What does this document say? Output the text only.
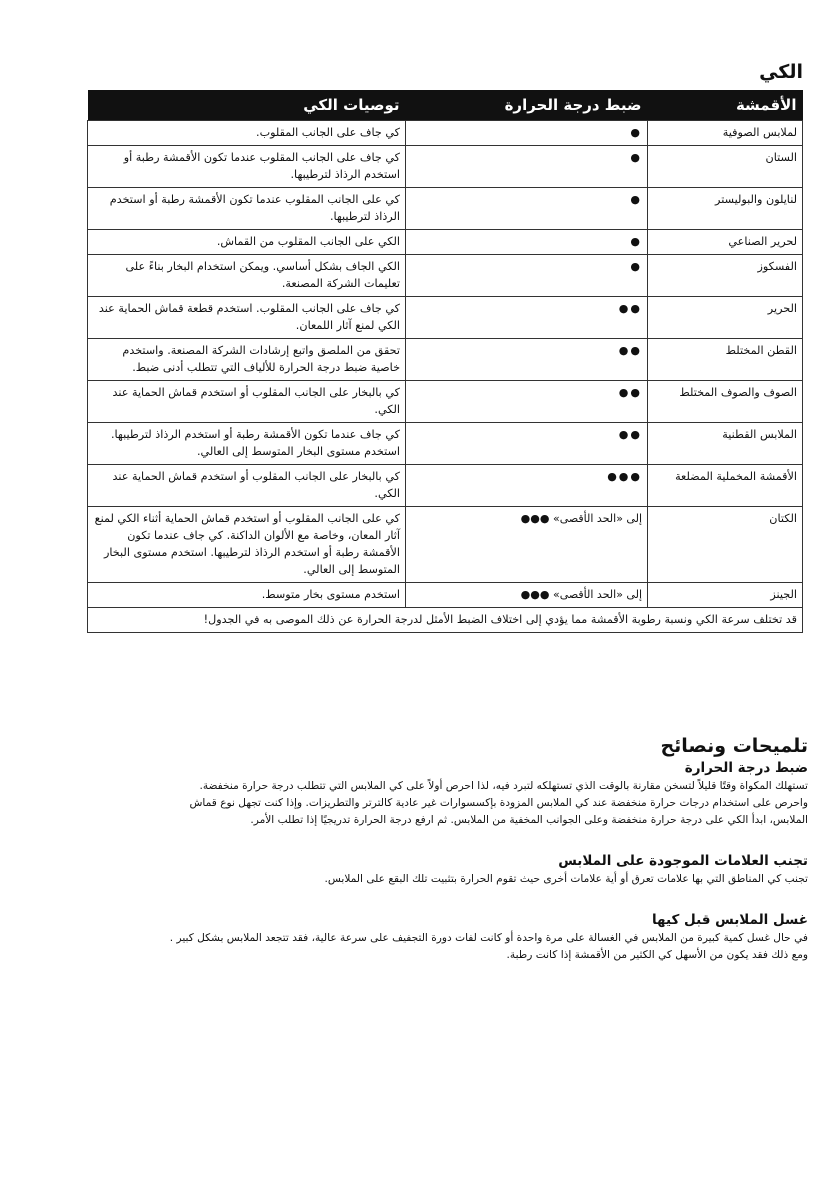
الكي
الأقمشة	ضبط درجة الحرارة	توصيات الكي
لملابس الصوفية	●	كي جاف على الجانب المقلوب.
الستان	●	كي جاف على الجانب المقلوب عندما تكون الأقمشة رطبة أو استخدم الرذاذ لترطيبها.
لنايلون والبوليستر	●	كي على الجانب المقلوب عندما تكون الأقمشة رطبة أو استخدم الرذاذ لترطيبها.
لحرير الصناعي	●	الكي على الجانب المقلوب من القماش.
الفسكوز	●	الكي الجاف بشكل أساسي. ويمكن استخدام البخار بناءً على تعليمات الشركة المصنعة.
الحرير	●●	كي جاف على الجانب المقلوب. استخدم قطعة قماش الحماية عند الكي لمنع آثار اللمعان.
القطن المختلط	●●	تحقق من الملصق واتبع إرشادات الشركة المصنعة. واستخدم خاصية ضبط درجة الحرارة للألياف التي تتطلب أدنى ضبط.
الصوف والصوف المختلط	●●	كي بالبخار على الجانب المقلوب أو استخدم قماش الحماية عند الكي.
الملابس القطنية	●●	كي جاف عندما تكون الأقمشة رطبة أو استخدم الرذاذ لترطيبها. استخدم مستوى البخار المتوسط إلى العالي.
الأقمشة المخملية المضلعة	●●●	كي بالبخار على الجانب المقلوب أو استخدم قماش الحماية عند الكي.
الكتان	إلى «الحد الأقصى» ●●●	كي على الجانب المقلوب أو استخدم قماش الحماية أثناء الكي لمنع آثار المعان، وخاصة مع الألوان الداكنة. كي جاف عندما تكون الأقمشة رطبة أو استخدم الرذاذ لترطيبها. استخدم مستوى البخار المتوسط إلى العالي.
الجينز	إلى «الحد الأقصى» ●●●	استخدم مستوى بخار متوسط.
قد تختلف سرعة الكي ونسبة رطوبة الأقمشة مما يؤدي إلى اختلاف الضبط الأمثل لدرجة الحرارة عن ذلك الموصى به في الجدول!		
تلميحات ونصائح
ضبط درجة الحرارة

تستهلك المكواة وقتًا قليلاً لتسخن مقارنة بالوقت الذي تستهلكه لتبرد فيه، لذا احرص أولاً على كي الملابس التي تتطلب درجة حرارة منخفضة.

واحرص على استخدام درجات حرارة منخفضة عند كي الملابس المزودة بإكسسوارات غير عادية كالترتر والتطريزات. وإذا كنت تجهل نوع قماش

الملابس، ابدأ الكي على درجة حرارة منخفضة وعلى الجوانب المخفية من الملابس. ثم ارفع درجة الحرارة تدريجيًا إذا تطلب الأمر.

تجنب العلامات الموجودة على الملابس

تجنب كي المناطق التي بها علامات تعرق أو أية علامات أخرى حيث تقوم الحرارة بتثبيت تلك البقع على الملابس.

غسل الملابس قبل كيها

في حال غسل كمية كبيرة من الملابس في الغسالة على مرة واحدة أو كانت لفات دورة التجفيف على سرعة عالية، فقد تتجعد الملابس بشكل كبير .

ومع ذلك فقد يكون من الأسهل كي الكثير من الأقمشة إذا كانت رطبة.
